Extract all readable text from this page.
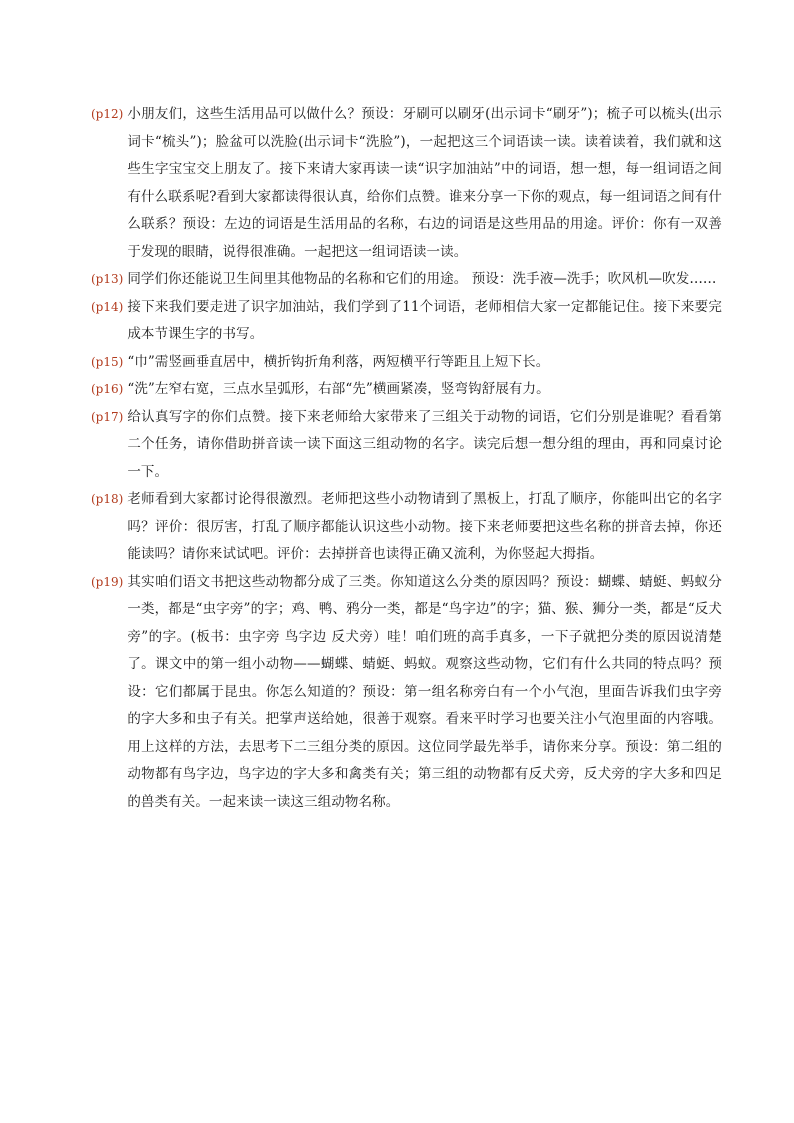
(p12) 小朋友们，这些生活用品可以做什么？预设：牙刷可以刷牙(出示词卡“刷牙”)；梳子可以梳头(出示词卡“梳头”)；脸盆可以洗脸(出示词卡“洗脸”)，一起把这三个词语读一读。读着读着，我们就和这些生字宝宝交上朋友了。接下来请大家再读一读“识字加油站”中的词语，想一想，每一组词语之间有什么联系呢?看到大家都读得很认真，给你们点赞。谁来分享一下你的观点，每一组词语之间有什么联系？预设：左边的词语是生活用品的名称，右边的词语是这些用品的用途。评价：你有一双善于发现的眼睛，说得很准确。一起把这一组词语读一读。
(p13) 同学们你还能说卫生间里其他物品的名称和它们的用途。 预设：洗手液—洗手；吹风机—吹发……
(p14) 接下来我们要走进了识字加油站，我们学到了11个词语，老师相信大家一定都能记住。接下来要完成本节课生字的书写。
(p15) “巾”需竖画垂直居中，横折钩折角利落，两短横平行等距且上短下长。
(p16) “洗”左窄右宽，三点水呈弧形，右部“先”横画紧凑，竖弯钩舒展有力。
(p17) 给认真写字的你们点赞。接下来老师给大家带来了三组关于动物的词语，它们分别是谁呢？看看第二个任务，请你借助拼音读一读下面这三组动物的名字。读完后想一想分组的理由，再和同桌讨论一下。
(p18) 老师看到大家都讨论得很激烈。老师把这些小动物请到了黑板上，打乱了顺序，你能叫出它的名字吗？评价：很厉害，打乱了顺序都能认识这些小动物。接下来老师要把这些名称的拼音去掉，你还能读吗？请你来试试吧。评价：去掉拼音也读得正确又流利，为你竖起大拇指。
(p19) 其实咱们语文书把这些动物都分成了三类。你知道这么分类的原因吗？预设：蝴蝶、蜻蜓、蚂蚁分一类，都是“虫字旁”的字；鸡、鸭、鸦分一类，都是“鸟字边”的字；猫、猴、狮分一类，都是“反犬旁”的字。(板书：虫字旁 鸟字边 反犬旁）哇！咱们班的高手真多，一下子就把分类的原因说清楚了。课文中的第一组小动物——蝴蝶、蜻蜓、蚂蚁。观察这些动物，它们有什么共同的特点吗？预设：它们都属于昆虫。你怎么知道的？预设：第一组名称旁白有一个小气泡，里面告诉我们虫字旁的字大多和虫子有关。把掌声送给她，很善于观察。看来平时学习也要关注小气泡里面的内容哦。用上这样的方法，去思考下二三组分类的原因。这位同学最先举手，请你来分享。预设：第二组的动物都有鸟字边，鸟字边的字大多和禽类有关；第三组的动物都有反犬旁，反犬旁的字大多和四足的兽类有关。一起来读一读这三组动物名称。
